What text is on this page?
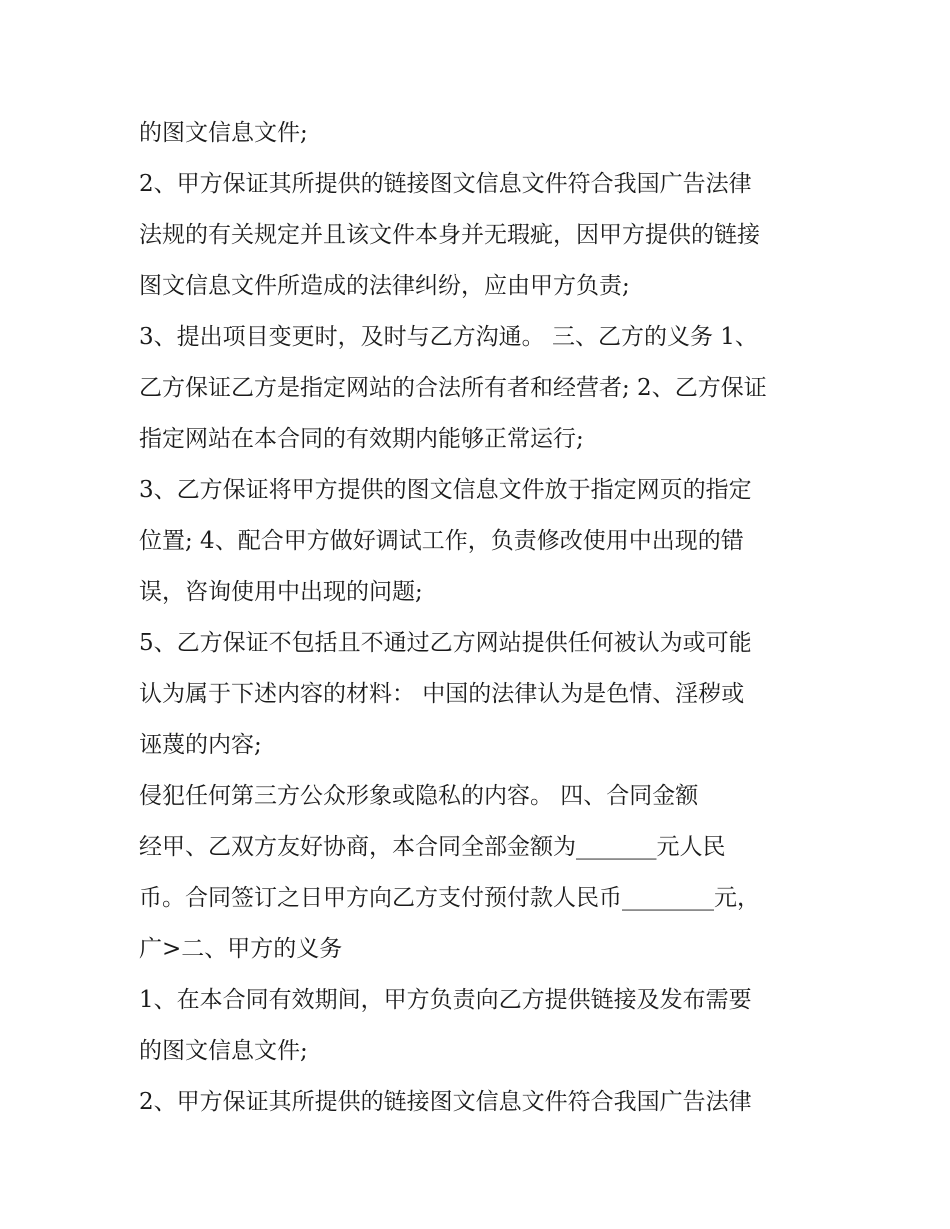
的图文信息文件;
2、甲方保证其所提供的链接图文信息文件符合我国广告法律
法规的有关规定并且该文件本身并无瑕疵，因甲方提供的链接
图文信息文件所造成的法律纠纷，应由甲方负责;
3、提出项目变更时，及时与乙方沟通。 三、乙方的义务 1、
乙方保证乙方是指定网站的合法所有者和经营者; 2、乙方保证
指定网站在本合同的有效期内能够正常运行;
3、乙方保证将甲方提供的图文信息文件放于指定网页的指定
位置; 4、配合甲方做好调试工作，负责修改使用中出现的错
误，咨询使用中出现的问题;
5、乙方保证不包括且不通过乙方网站提供任何被认为或可能
认为属于下述内容的材料： 中国的法律认为是色情、淫秽或
诬蔑的内容;
侵犯任何第三方公众形象或隐私的内容。 四、合同金额
经甲、乙双方友好协商，本合同全部金额为_______元人民
币。合同签订之日甲方向乙方支付预付款人民币________元，
广>二、甲方的义务
1、在本合同有效期间，甲方负责向乙方提供链接及发布需要
的图文信息文件;
2、甲方保证其所提供的链接图文信息文件符合我国广告法律
